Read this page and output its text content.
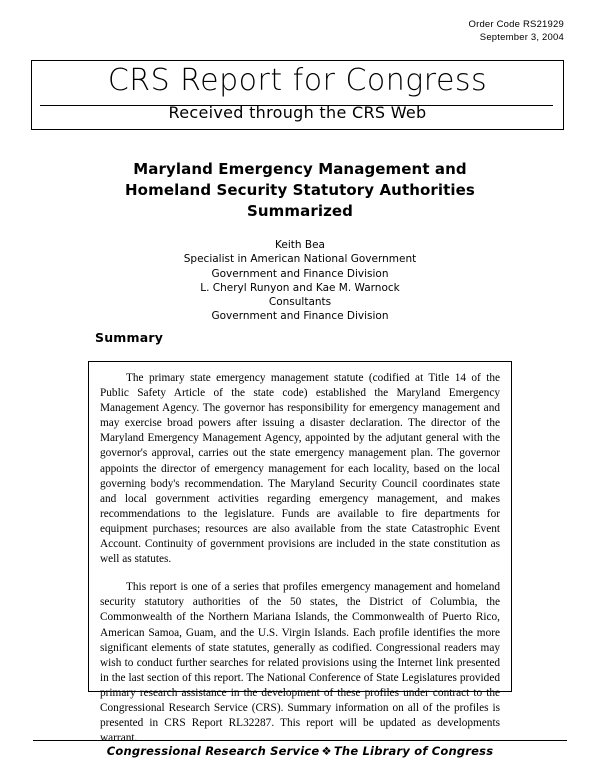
Order Code RS21929
September 3, 2004
CRS Report for Congress
Received through the CRS Web
Maryland Emergency Management and
Homeland Security Statutory Authorities
Summarized
Keith Bea
Specialist in American National Government
Government and Finance Division
L. Cheryl Runyon and Kae M. Warnock
Consultants
Government and Finance Division
Summary

The primary state emergency management statute (codified at Title 14 of the Public Safety Article of the state code) established the Maryland Emergency Management Agency. The governor has responsibility for emergency management and may exercise broad powers after issuing a disaster declaration. The director of the Maryland Emergency Management Agency, appointed by the adjutant general with the governor's approval, carries out the state emergency management plan. The governor appoints the director of emergency management for each locality, based on the local governing body's recommendation. The Maryland Security Council coordinates state and local government activities regarding emergency management, and makes recommendations to the legislature. Funds are available to fire departments for equipment purchases; resources are also available from the state Catastrophic Event Account. Continuity of government provisions are included in the state constitution as well as statutes.

This report is one of a series that profiles emergency management and homeland security statutory authorities of the 50 states, the District of Columbia, the Commonwealth of the Northern Mariana Islands, the Commonwealth of Puerto Rico, American Samoa, Guam, and the U.S. Virgin Islands. Each profile identifies the more significant elements of state statutes, generally as codified. Congressional readers may wish to conduct further searches for related provisions using the Internet link presented in the last section of this report. The National Conference of State Legislatures provided primary research assistance in the development of these profiles under contract to the Congressional Research Service (CRS). Summary information on all of the profiles is presented in CRS Report RL32287. This report will be updated as developments warrant.

Congressional Research Service ❖ The Library of Congress
